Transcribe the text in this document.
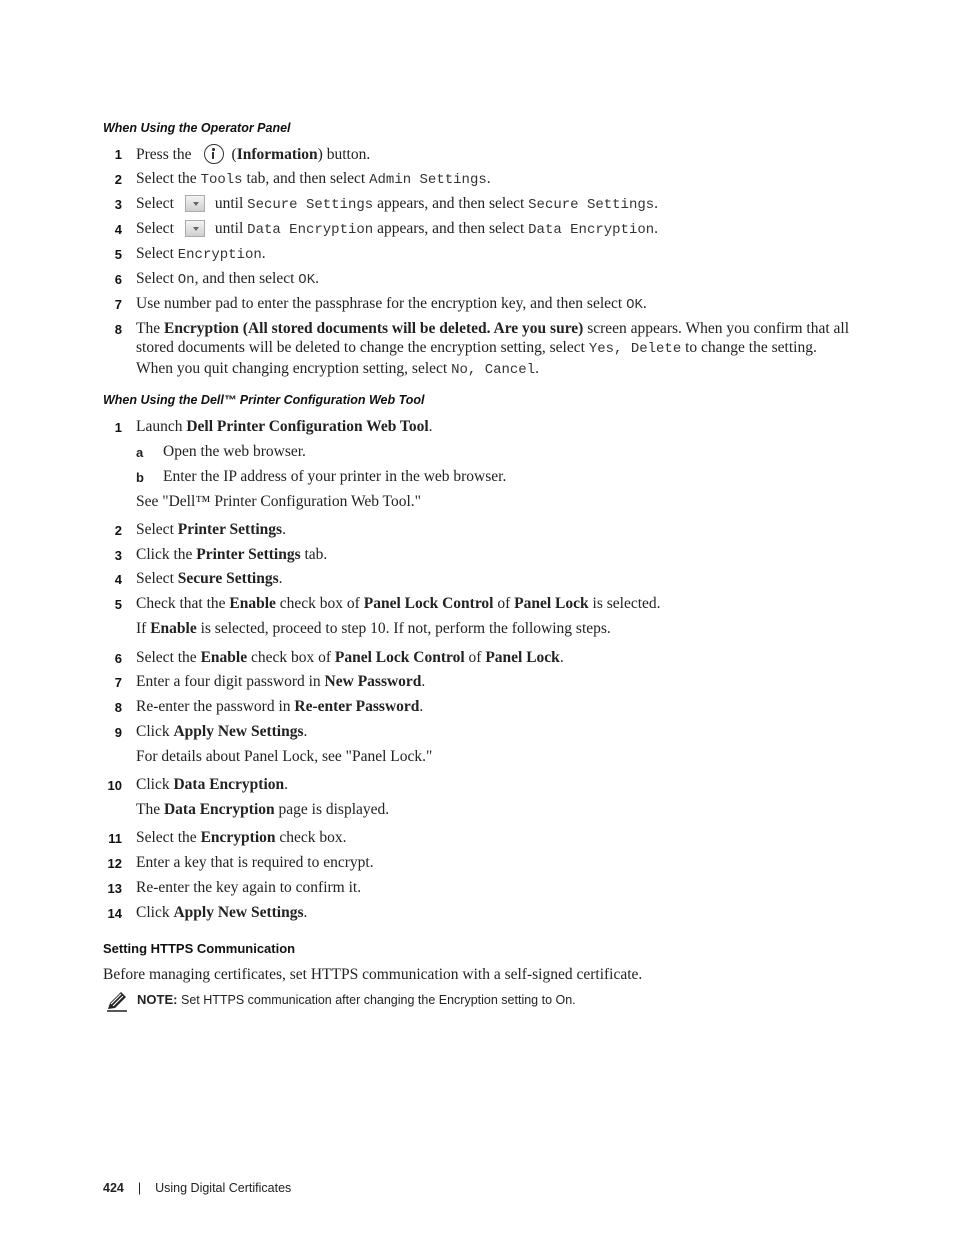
When Using the Operator Panel
1 Press the	(Information) button.
2 Select the Tools tab, and then select Admin Settings.
3 Select	until Secure Settings appears, and then select Secure Settings.
4 Select	until Data Encryption appears, and then select Data Encryption.
5 Select Encryption.
6 Select On, and then select OK.
7 Use number pad to enter the passphrase for the encryption key, and then select OK.
8 The Encryption (All stored documents will be deleted. Are you sure) screen appears. When you confirm that all stored documents will be deleted to change the encryption setting, select Yes, Delete to change the setting. When you quit changing encryption setting, select No, Cancel.
When Using the Dell™ Printer Configuration Web Tool
1 Launch Dell Printer Configuration Web Tool.
a Open the web browser.
b Enter the IP address of your printer in the web browser.
See "Dell™ Printer Configuration Web Tool."
2 Select Printer Settings.
3 Click the Printer Settings tab.
4 Select Secure Settings.
5 Check that the Enable check box of Panel Lock Control of Panel Lock is selected.
If Enable is selected, proceed to step 10. If not, perform the following steps.
6 Select the Enable check box of Panel Lock Control of Panel Lock.
7 Enter a four digit password in New Password.
8 Re-enter the password in Re-enter Password.
9 Click Apply New Settings.
For details about Panel Lock, see "Panel Lock."
10 Click Data Encryption.
The Data Encryption page is displayed.
11 Select the Encryption check box.
12 Enter a key that is required to encrypt.
13 Re-enter the key again to confirm it.
14 Click Apply New Settings.
Setting HTTPS Communication
Before managing certificates, set HTTPS communication with a self-signed certificate.
NOTE: Set HTTPS communication after changing the Encryption setting to On.
424 | Using Digital Certificates
